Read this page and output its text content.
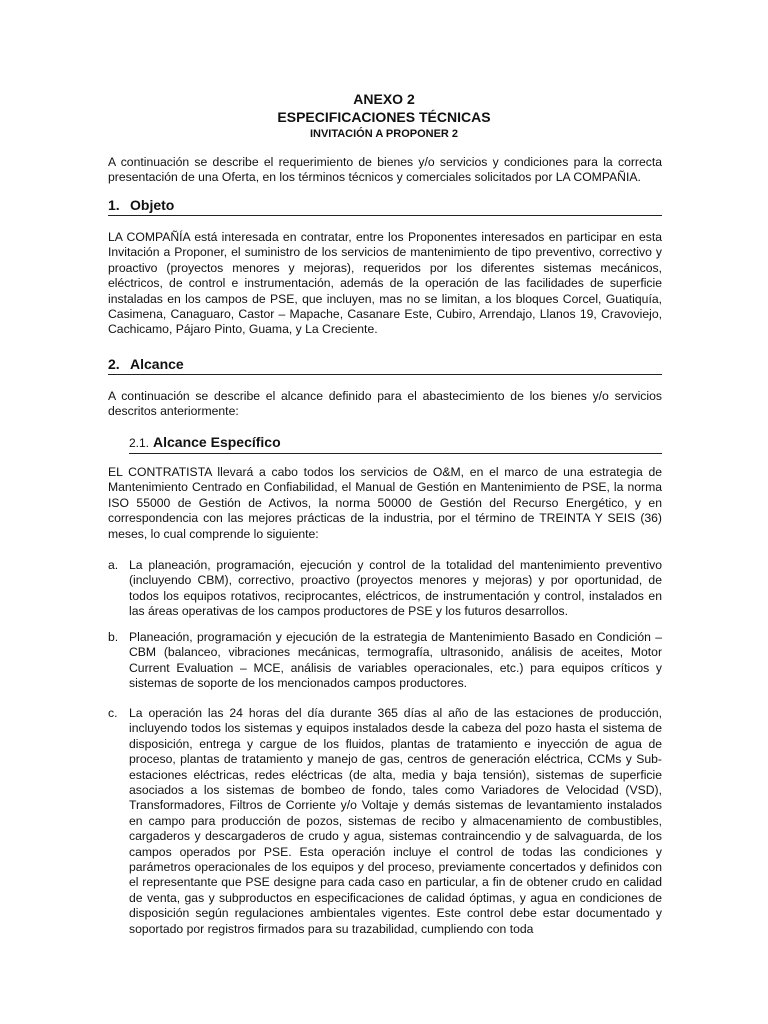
ANEXO 2
ESPECIFICACIONES TÉCNICAS
INVITACIÓN A PROPONER 2

A continuación se describe el requerimiento de bienes y/o servicios y condiciones para la correcta presentación de una Oferta, en los términos técnicos y comerciales solicitados por LA COMPAÑIA.

1. Objeto

LA COMPAÑÍA está interesada en contratar, entre los Proponentes interesados en participar en esta Invitación a Proponer, el suministro de los servicios de mantenimiento de tipo preventivo, correctivo y proactivo (proyectos menores y mejoras), requeridos por los diferentes sistemas mecánicos, eléctricos, de control e instrumentación, además de la operación de las facilidades de superficie instaladas en los campos de PSE, que incluyen, mas no se limitan, a los bloques Corcel, Guatiquía, Casimena, Canaguaro, Castor – Mapache, Casanare Este, Cubiro, Arrendajo, Llanos 19, Cravoviejo, Cachicamo, Pájaro Pinto, Guama, y La Creciente.

2. Alcance

A continuación se describe el alcance definido para el abastecimiento de los bienes y/o servicios descritos anteriormente:

2.1. Alcance Específico

EL CONTRATISTA llevará a cabo todos los servicios de O&M, en el marco de una estrategia de Mantenimiento Centrado en Confiabilidad, el Manual de Gestión en Mantenimiento de PSE, la norma ISO 55000 de Gestión de Activos, la norma 50000 de Gestión del Recurso Energético, y en correspondencia con las mejores prácticas de la industria, por el término de TREINTA Y SEIS (36) meses, lo cual comprende lo siguiente:

a. La planeación, programación, ejecución y control de la totalidad del mantenimiento preventivo (incluyendo CBM), correctivo, proactivo (proyectos menores y mejoras) y por oportunidad, de todos los equipos rotativos, reciprocantes, eléctricos, de instrumentación y control, instalados en las áreas operativas de los campos productores de PSE y los futuros desarrollos.

b. Planeación, programación y ejecución de la estrategia de Mantenimiento Basado en Condición – CBM (balanceo, vibraciones mecánicas, termografía, ultrasonido, análisis de aceites, Motor Current Evaluation – MCE, análisis de variables operacionales, etc.) para equipos críticos y sistemas de soporte de los mencionados campos productores.

c. La operación las 24 horas del día durante 365 días al año de las estaciones de producción, incluyendo todos los sistemas y equipos instalados desde la cabeza del pozo hasta el sistema de disposición, entrega y cargue de los fluidos, plantas de tratamiento e inyección de agua de proceso, plantas de tratamiento y manejo de gas, centros de generación eléctrica, CCMs y Sub-estaciones eléctricas, redes eléctricas (de alta, media y baja tensión), sistemas de superficie asociados a los sistemas de bombeo de fondo, tales como Variadores de Velocidad (VSD), Transformadores, Filtros de Corriente y/o Voltaje y demás sistemas de levantamiento instalados en campo para producción de pozos, sistemas de recibo y almacenamiento de combustibles, cargaderos y descargaderos de crudo y agua, sistemas contraincendio y de salvaguarda, de los campos operados por PSE. Esta operación incluye el control de todas las condiciones y parámetros operacionales de los equipos y del proceso, previamente concertados y definidos con el representante que PSE designe para cada caso en particular, a fin de obtener crudo en calidad de venta, gas y subproductos en especificaciones de calidad óptimas, y agua en condiciones de disposición según regulaciones ambientales vigentes. Este control debe estar documentado y soportado por registros firmados para su trazabilidad, cumpliendo con toda
